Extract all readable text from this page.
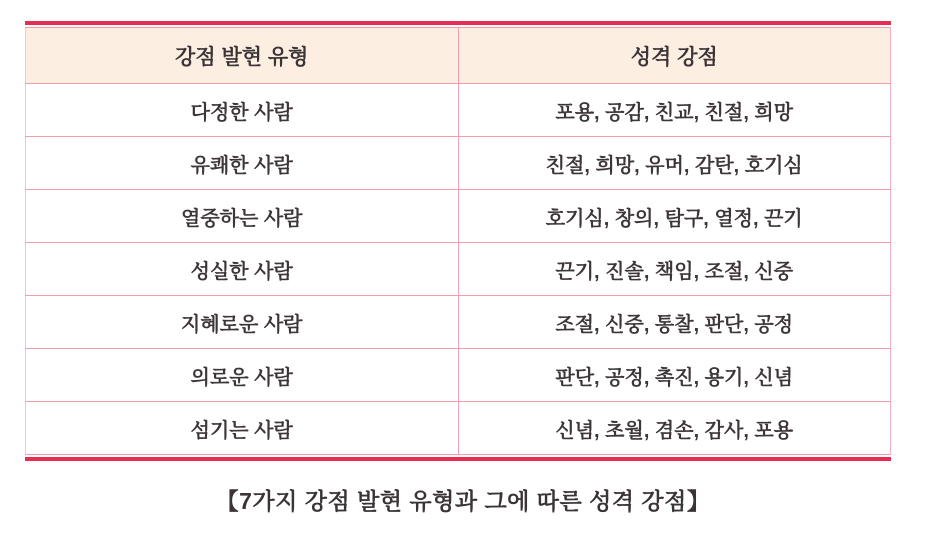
강점 발현 유형	성격 강점
다정한 사람	포용, 공감, 친교, 친절, 희망
유쾌한 사람	친절, 희망, 유머, 감탄, 호기심
열중하는 사람	호기심, 창의, 탐구, 열정, 끈기
성실한 사람	끈기, 진솔, 책임, 조절, 신중
지혜로운 사람	조절, 신중, 통찰, 판단, 공정
의로운 사람	판단, 공정, 촉진, 용기, 신념
섬기는 사람	신념, 초월, 겸손, 감사, 포용
【7가지 강점 발현 유형과 그에 따른 성격 강점】
